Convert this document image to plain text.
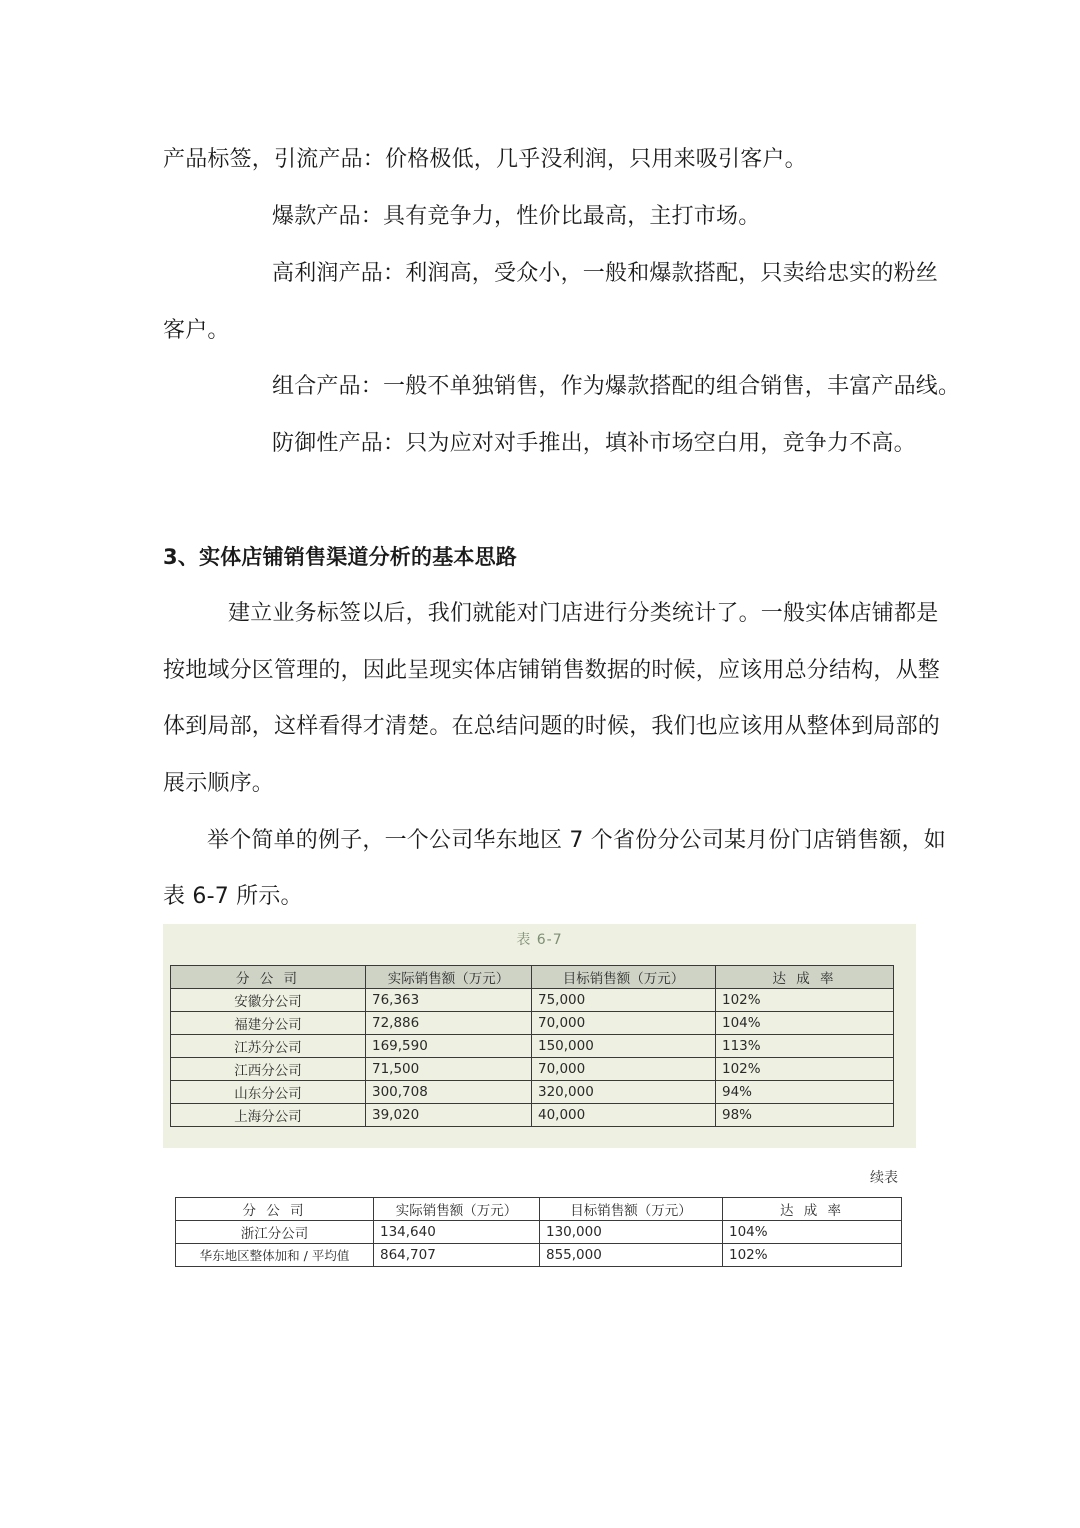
产品标签，引流产品：价格极低，几乎没利润，只用来吸引客户。
爆款产品：具有竞争力，性价比最高，主打市场。
高利润产品：利润高，受众小，一般和爆款搭配，只卖给忠实的粉丝
客户。
组合产品：一般不单独销售，作为爆款搭配的组合销售，丰富产品线。
防御性产品：只为应对对手推出，填补市场空白用，竞争力不高。
3、实体店铺销售渠道分析的基本思路
建立业务标签以后，我们就能对门店进行分类统计了。一般实体店铺都是
按地域分区管理的，因此呈现实体店铺销售数据的时候，应该用总分结构，从整
体到局部，这样看得才清楚。在总结问题的时候，我们也应该用从整体到局部的
展示顺序。
举个简单的例子，一个公司华东地区 7 个省份分公司某月份门店销售额，如
表 6-7 所示。
表 6-7
分 公 司	实际销售额（万元）	目标销售额（万元）	达 成 率
安徽分公司	76,363	75,000	102%
福建分公司	72,886	70,000	104%
江苏分公司	169,590	150,000	113%
江西分公司	71,500	70,000	102%
山东分公司	300,708	320,000	94%
上海分公司	39,020	40,000	98%
续表
分 公 司	实际销售额（万元）	目标销售额（万元）	达 成 率
浙江分公司	134,640	130,000	104%
华东地区整体加和 / 平均值	864,707	855,000	102%
